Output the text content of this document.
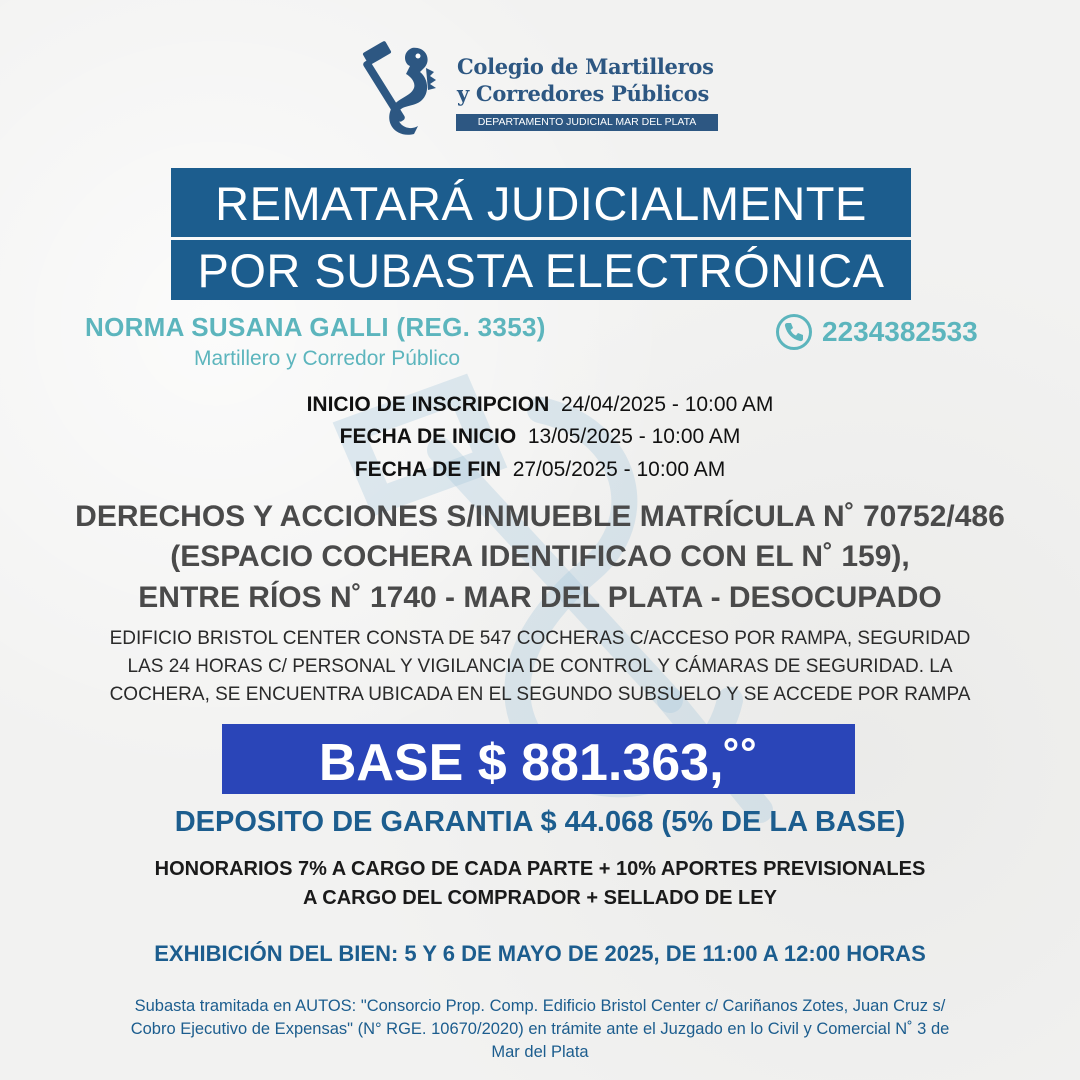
Colegio de Martilleros
y Corredores Públicos
DEPARTAMENTO JUDICIAL MAR DEL PLATA
REMATARÁ JUDICIALMENTE
POR SUBASTA ELECTRÓNICA
NORMA SUSANA GALLI (REG. 3353)
Martillero y Corredor Público
2234382533
INICIO DE INSCRIPCION 24/04/2025 - 10:00 AM
FECHA DE INICIO 13/05/2025 - 10:00 AM
FECHA DE FIN 27/05/2025 - 10:00 AM
DERECHOS Y ACCIONES S/INMUEBLE MATRÍCULA N˚ 70752/486
(ESPACIO COCHERA IDENTIFICAO CON EL N˚ 159),
ENTRE RÍOS N˚ 1740 - MAR DEL PLATA - DESOCUPADO
EDIFICIO BRISTOL CENTER CONSTA DE 547 COCHERAS C/ACCESO POR RAMPA, SEGURIDAD
LAS 24 HORAS C/ PERSONAL Y VIGILANCIA DE CONTROL Y CÁMARAS DE SEGURIDAD. LA
COCHERA, SE ENCUENTRA UBICADA EN EL SEGUNDO SUBSUELO Y SE ACCEDE POR RAMPA
BASE $ 881.363,˚˚
DEPOSITO DE GARANTIA $ 44.068 (5% DE LA BASE)
HONORARIOS 7% A CARGO DE CADA PARTE + 10% APORTES PREVISIONALES
A CARGO DEL COMPRADOR + SELLADO DE LEY
EXHIBICIÓN DEL BIEN: 5 Y 6 DE MAYO DE 2025, DE 11:00 A 12:00 HORAS
Subasta tramitada en AUTOS: "Consorcio Prop. Comp. Edificio Bristol Center c/ Cariñanos Zotes, Juan Cruz s/
Cobro Ejecutivo de Expensas" (N° RGE. 10670/2020) en trámite ante el Juzgado en lo Civil y Comercial N˚ 3 de
Mar del Plata
